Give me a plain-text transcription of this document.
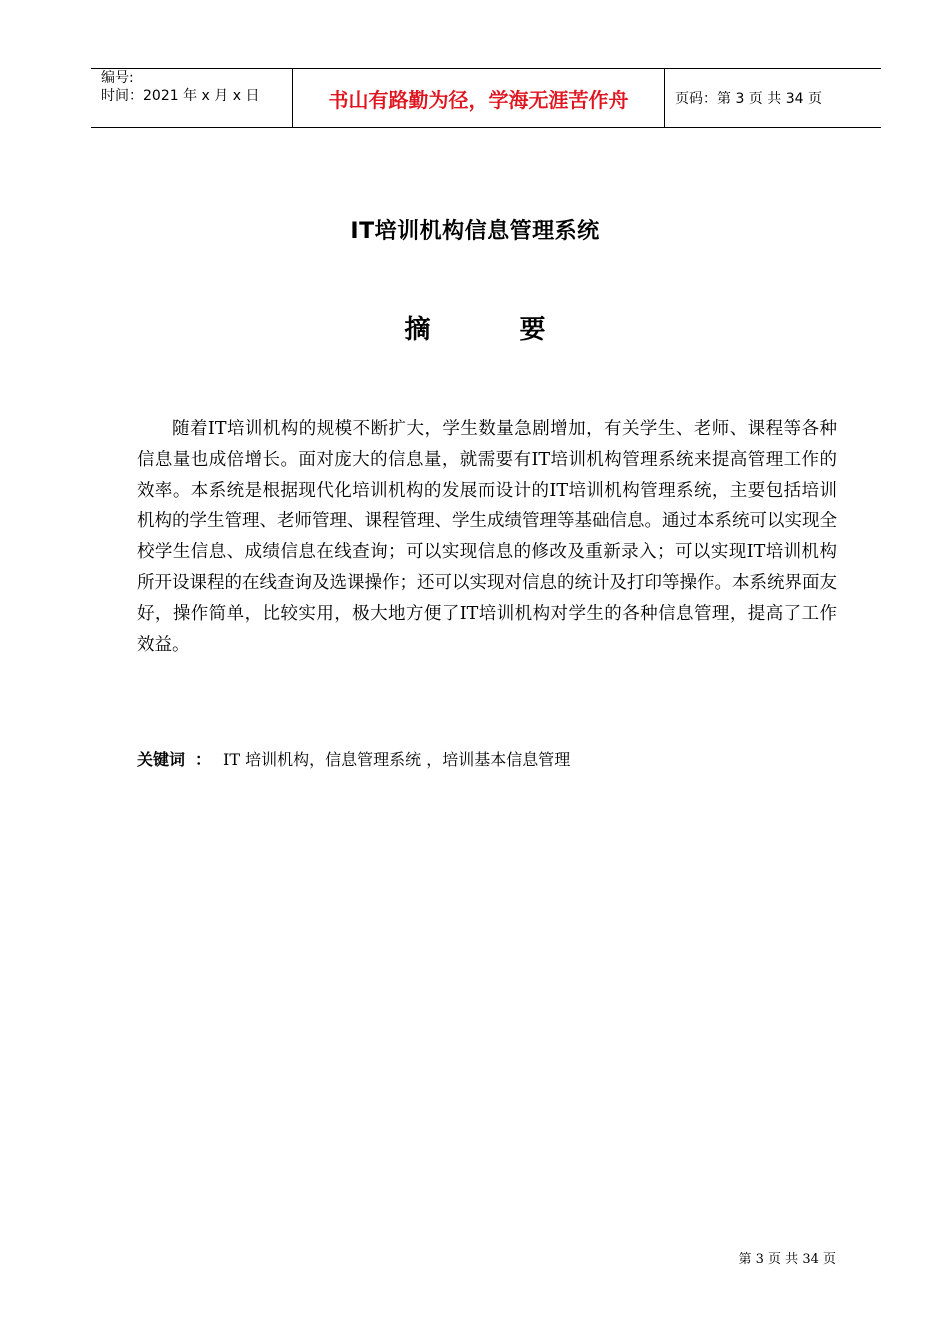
编号:
时间：2021 年 x 月 x 日	书山有路勤为径，学海无涯苦作舟	页码：第 3 页 共 34 页
IT培训机构信息管理系统
摘 要

随着IT培训机构的规模不断扩大，学生数量急剧增加，有关学生、老师、课程等各种信息量也成倍增长。面对庞大的信息量，就需要有IT培训机构管理系统来提高管理工作的效率。本系统是根据现代化培训机构的发展而设计的IT培训机构管理系统，主要包括培训机构的学生管理、老师管理、课程管理、学生成绩管理等基础信息。通过本系统可以实现全校学生信息、成绩信息在线查询；可以实现信息的修改及重新录入；可以实现IT培训机构所开设课程的在线查询及选课操作；还可以实现对信息的统计及打印等操作。本系统界面友好，操作简单，比较实用，极大地方便了IT培训机构对学生的各种信息管理，提高了工作效益。

关键词 ： IT 培训机构，信息管理系统 ，培训基本信息管理
第 3 页 共 34 页
